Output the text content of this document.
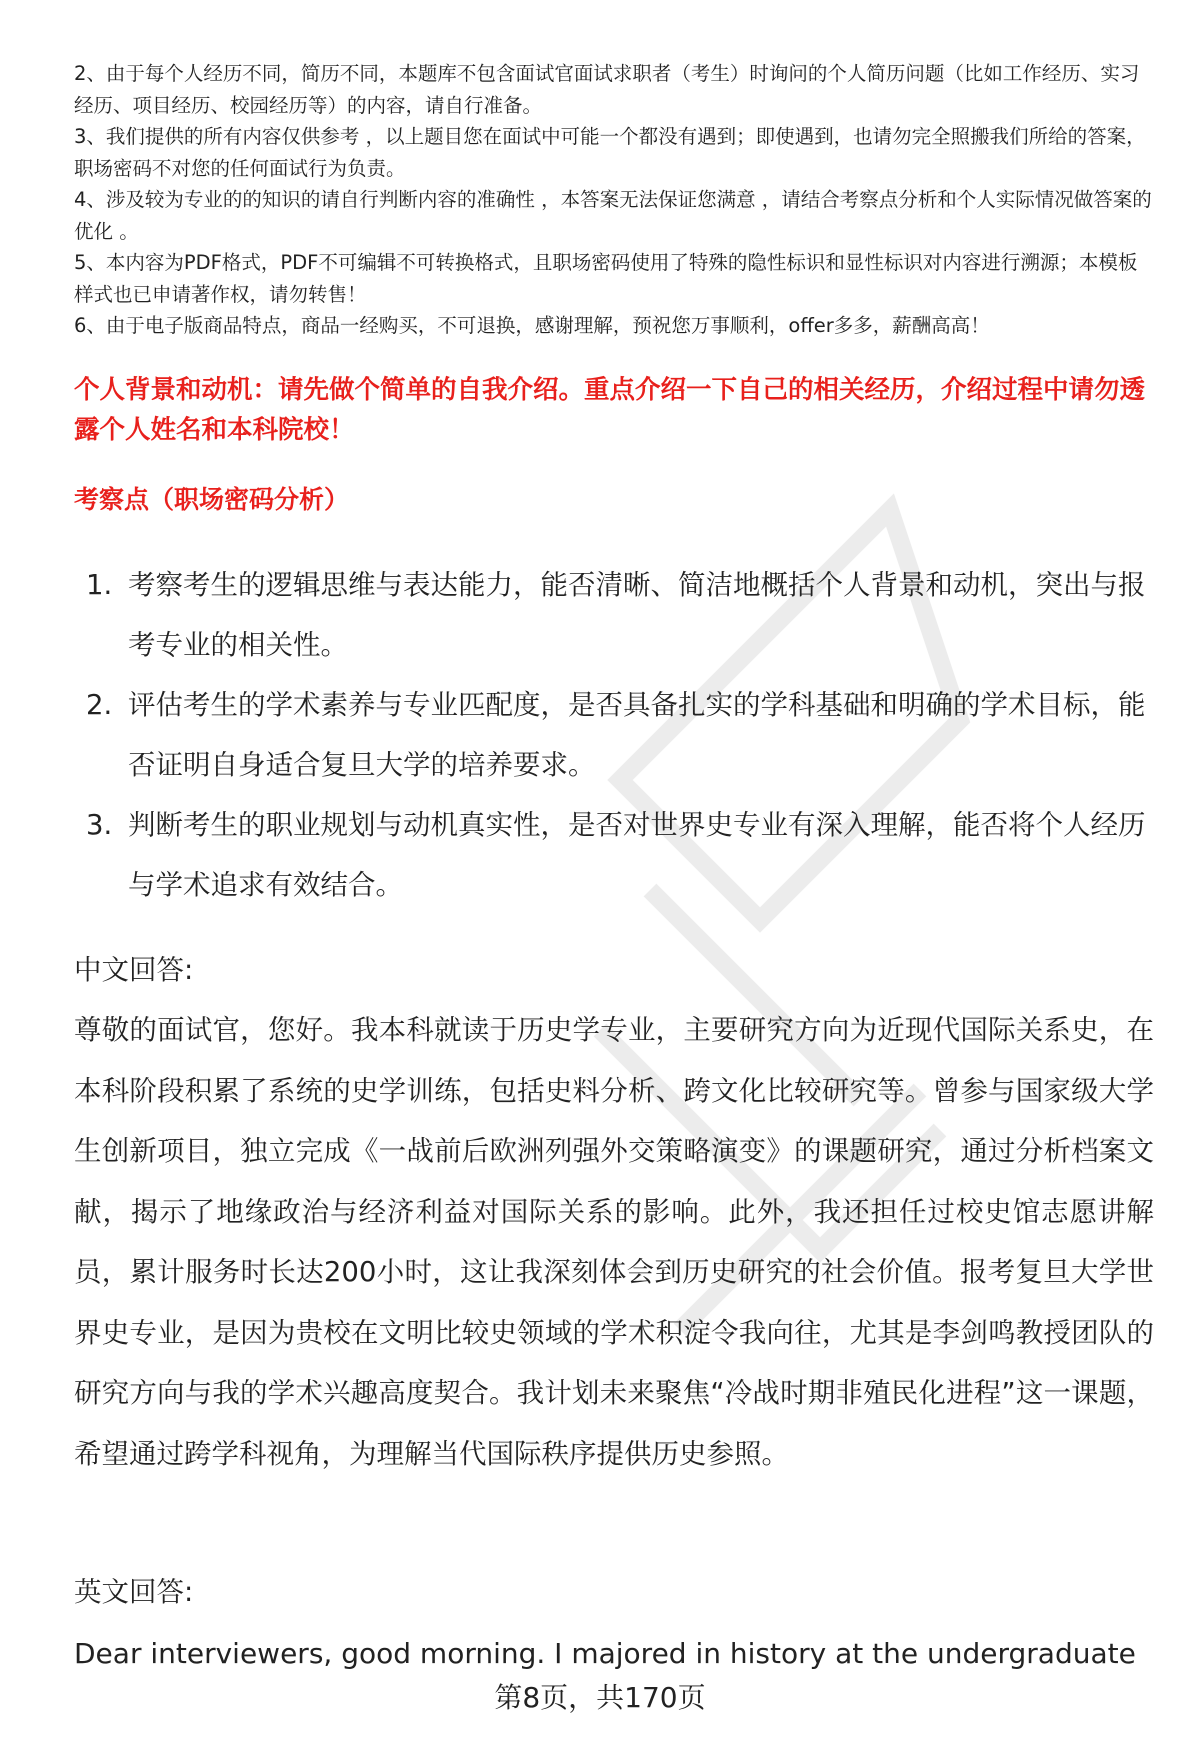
2、由于每个人经历不同，简历不同，本题库不包含面试官面试求职者（考生）时询问的个人简历问题（比如工作经历、实习经历、项目经历、校园经历等）的内容，请自行准备。

3、我们提供的所有内容仅供参考 ，以上题目您在面试中可能一个都没有遇到；即使遇到，也请勿完全照搬我们所给的答案，职场密码不对您的任何面试行为负责。

4、涉及较为专业的的知识的请自行判断内容的准确性 ，本答案无法保证您满意 ，请结合考察点分析和个人实际情况做答案的优化 。

5、本内容为PDF格式，PDF不可编辑不可转换格式，且职场密码使用了特殊的隐性标识和显性标识对内容进行溯源；本模板样式也已申请著作权，请勿转售！

6、由于电子版商品特点，商品一经购买，不可退换，感谢理解，预祝您万事顺利，offer多多，薪酬高高！

个人背景和动机：请先做个简单的自我介绍。重点介绍一下自己的相关经历，介绍过程中请勿透露个人姓名和本科院校！
考察点（职场密码分析）
1. 考察考生的逻辑思维与表达能力，能否清晰、简洁地概括个人背景和动机，突出与报考专业的相关性。
2. 评估考生的学术素养与专业匹配度，是否具备扎实的学科基础和明确的学术目标，能否证明自身适合复旦大学的培养要求。
3. 判断考生的职业规划与动机真实性，是否对世界史专业有深入理解，能否将个人经历与学术追求有效结合。
中文回答:

尊敬的面试官，您好。我本科就读于历史学专业，主要研究方向为近现代国际关系史，在本科阶段积累了系统的史学训练，包括史料分析、跨文化比较研究等。曾参与国家级大学生创新项目，独立完成《一战前后欧洲列强外交策略演变》的课题研究，通过分析档案文献，揭示了地缘政治与经济利益对国际关系的影响。此外，我还担任过校史馆志愿讲解员，累计服务时长达200小时，这让我深刻体会到历史研究的社会价值。报考复旦大学世界史专业，是因为贵校在文明比较史领域的学术积淀令我向往，尤其是李剑鸣教授团队的研究方向与我的学术兴趣高度契合。我计划未来聚焦“冷战时期非殖民化进程”这一课题，希望通过跨学科视角，为理解当代国际秩序提供历史参照。

英文回答:
Dear interviewers, good morning. I majored in history at the undergraduate
第8页，共170页
